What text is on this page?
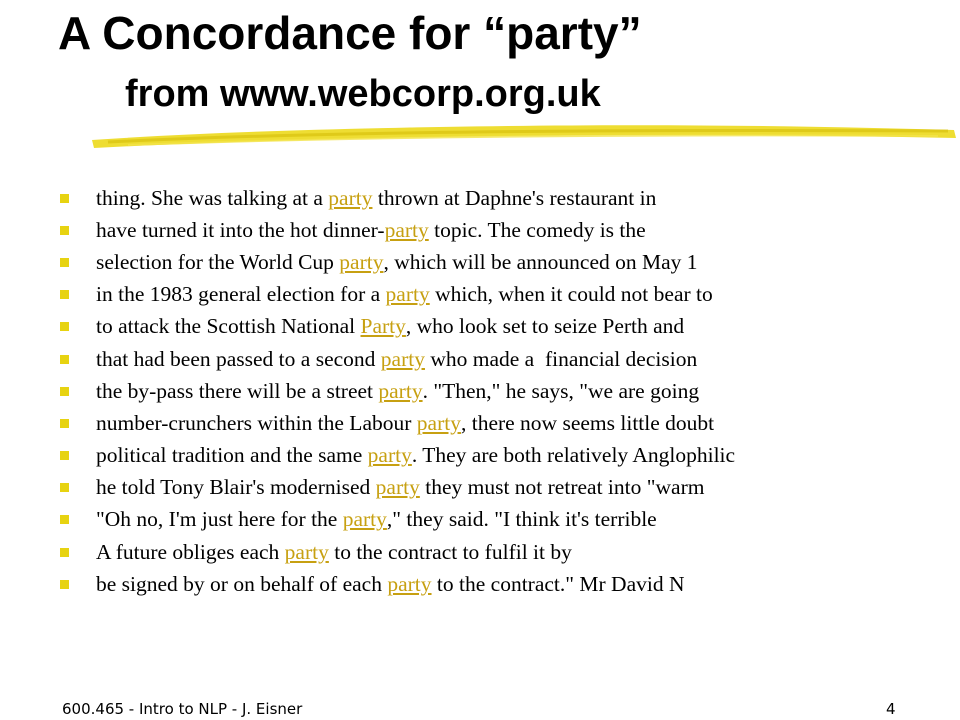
A Concordance for “party”
from www.webcorp.org.uk
thing. She was talking at a party thrown at Daphne's restaurant in
have turned it into the hot dinner- party topic. The comedy is the
selection for the World Cup party , which will be announced on May 1
in the 1983 general election for a party which, when it could not bear to
to attack the Scottish National Party , who look set to seize Perth and
that had been passed to a second party who made a  financial decision
the by-pass there will be a street party . "Then," he says, "we are going
number-crunchers within the Labour party , there now seems little doubt
political tradition and the same party . They are both relatively Anglophilic
he told Tony Blair's modernised party they must not retreat into "warm
"Oh no, I'm just here for the party ," they said. "I think it's terrible
A future obliges each party to the contract to fulfil it by
be signed by or on behalf of each party to the contract." Mr David N
600.465 - Intro to NLP - J. Eisner	4
